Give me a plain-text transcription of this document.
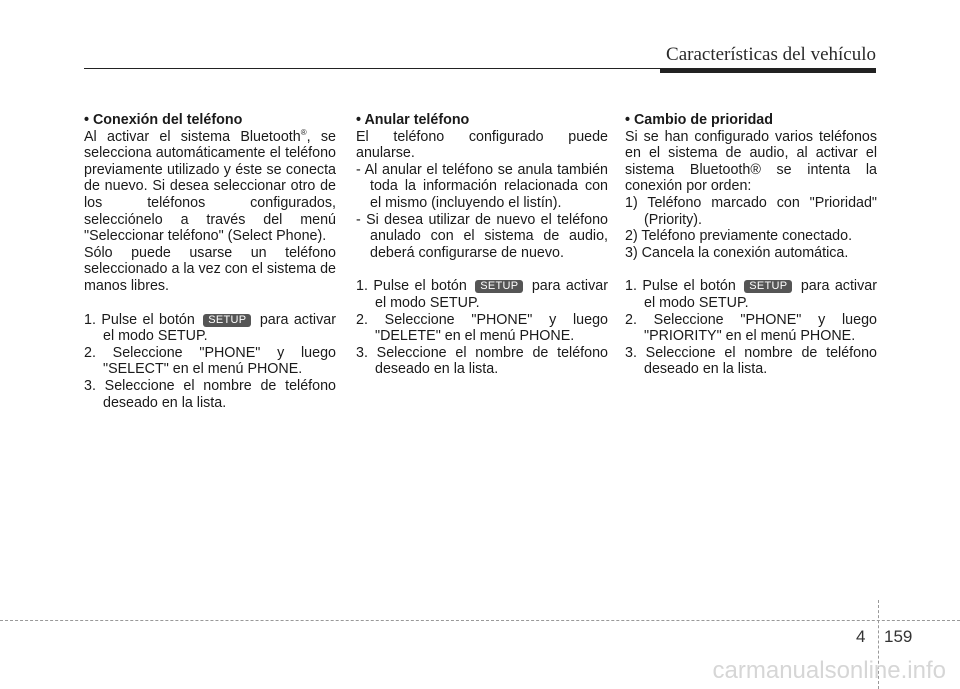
Características del vehículo

• Conexión del teléfono

Al activar el sistema Bluetooth®, se selecciona automáticamente el teléfono previamente utilizado y éste se conecta de nuevo. Si desea seleccionar otro de los teléfonos configurados, selecciónelo a través del menú "Seleccionar teléfono" (Select Phone).

Sólo puede usarse un teléfono seleccionado a la vez con el sistema de manos libres.

1. Pulse el botón SETUP para activar el modo SETUP.

2. Seleccione "PHONE" y luego "SELECT" en el menú PHONE.

3. Seleccione el nombre de teléfono deseado en la lista.

• Anular teléfono

El teléfono configurado puede anularse.

- Al anular el teléfono se anula también toda la información relacionada con el mismo (incluyendo el listín).

- Si desea utilizar de nuevo el teléfono anulado con el sistema de audio, deberá configurarse de nuevo.

1. Pulse el botón SETUP para activar el modo SETUP.

2. Seleccione "PHONE" y luego "DELETE" en el menú PHONE.

3. Seleccione el nombre de teléfono deseado en la lista.

• Cambio de prioridad

Si se han configurado varios teléfonos en el sistema de audio, al activar el sistema Bluetooth® se intenta la conexión por orden:

1) Teléfono marcado con "Prioridad" (Priority).

2) Teléfono previamente conectado.

3) Cancela la conexión automática.

1. Pulse el botón SETUP para activar el modo SETUP.

2. Seleccione "PHONE" y luego "PRIORITY" en el menú PHONE.

3. Seleccione el nombre de teléfono deseado en la lista.

4 159
carmanualsonline.info
